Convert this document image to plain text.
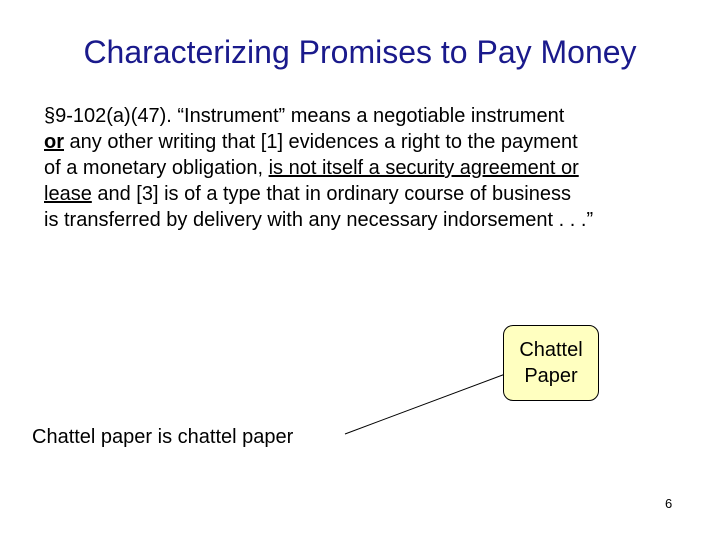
Characterizing Promises to Pay Money
§9-102(a)(47). “Instrument” means a negotiable instrument
or any other writing that [1] evidences a right to the payment
of a monetary obligation, is not itself a security agreement or
lease and [3] is of a type that in ordinary course of business
is transferred by delivery with any necessary indorsement . . .”
Chattel
Paper
Chattel paper is chattel paper
6
